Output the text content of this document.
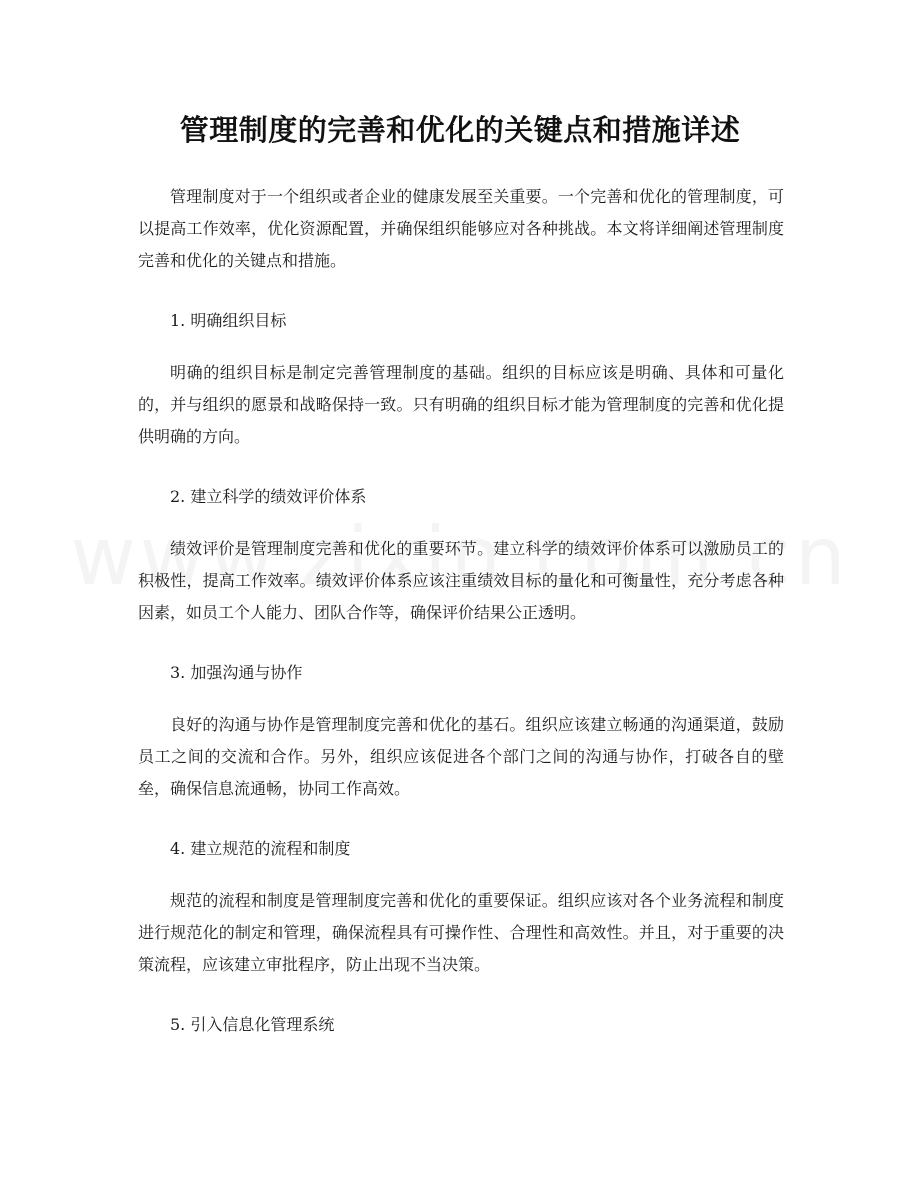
管理制度的完善和优化的关键点和措施详述

管理制度对于一个组织或者企业的健康发展至关重要。一个完善和优化的管理制度，可以提高工作效率，优化资源配置，并确保组织能够应对各种挑战。本文将详细阐述管理制度完善和优化的关键点和措施。

1. 明确组织目标

明确的组织目标是制定完善管理制度的基础。组织的目标应该是明确、具体和可量化的，并与组织的愿景和战略保持一致。只有明确的组织目标才能为管理制度的完善和优化提供明确的方向。

2. 建立科学的绩效评价体系

绩效评价是管理制度完善和优化的重要环节。建立科学的绩效评价体系可以激励员工的积极性，提高工作效率。绩效评价体系应该注重绩效目标的量化和可衡量性，充分考虑各种因素，如员工个人能力、团队合作等，确保评价结果公正透明。

3. 加强沟通与协作

良好的沟通与协作是管理制度完善和优化的基石。组织应该建立畅通的沟通渠道，鼓励员工之间的交流和合作。另外，组织应该促进各个部门之间的沟通与协作，打破各自的壁垒，确保信息流通畅，协同工作高效。

4. 建立规范的流程和制度

规范的流程和制度是管理制度完善和优化的重要保证。组织应该对各个业务流程和制度进行规范化的制定和管理，确保流程具有可操作性、合理性和高效性。并且，对于重要的决策流程，应该建立审批程序，防止出现不当决策。

5. 引入信息化管理系统
